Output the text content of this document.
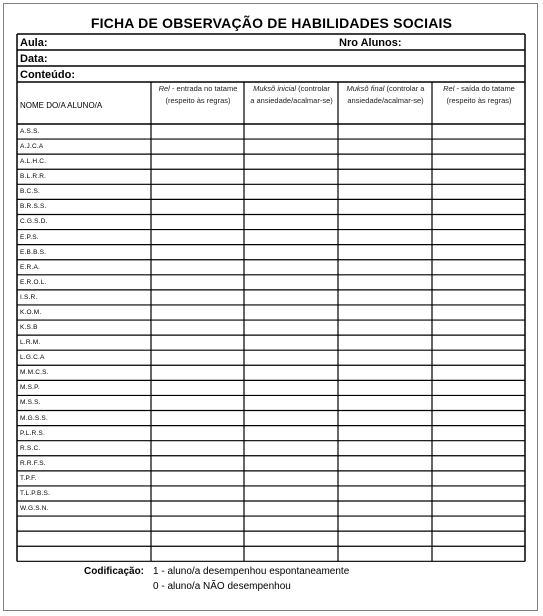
FICHA DE OBSERVAÇÃO DE HABILIDADES SOCIAIS
Aula:	Nro Alunos:
Data:
Conteúdo:
NOME DO/A ALUNO/A
Rel - entrada no tatame
(respeito às regras)
Muksõ inicial (controlar
a ansiedade/acalmar-se)
Muksõ final (controlar a
ansiedade/acalmar-se)
Rel - saída do tatame
(respeito às regras)
A.S.S.
A.J.C.A
A.L.H.C.
B.L.R.R.
B.C.S.
B.R.S.S.
C.G.S.D.
E.P.S.
E.B.B.S.
E.R.A.
E.R.O.L.
I.S.R.
K.O.M.
K.S.B
L.R.M.
L.G.C.A
M.M.C.S.
M.S.P.
M.S.S.
M.G.S.S.
P.L.R.S.
R.S.C.
R.R.F.S.
T.P.F.
T.L.P.B.S.
W.G.S.N.
Codificação: 1 - aluno/a desempenhou espontaneamente
0 - aluno/a NÃO desempenhou
